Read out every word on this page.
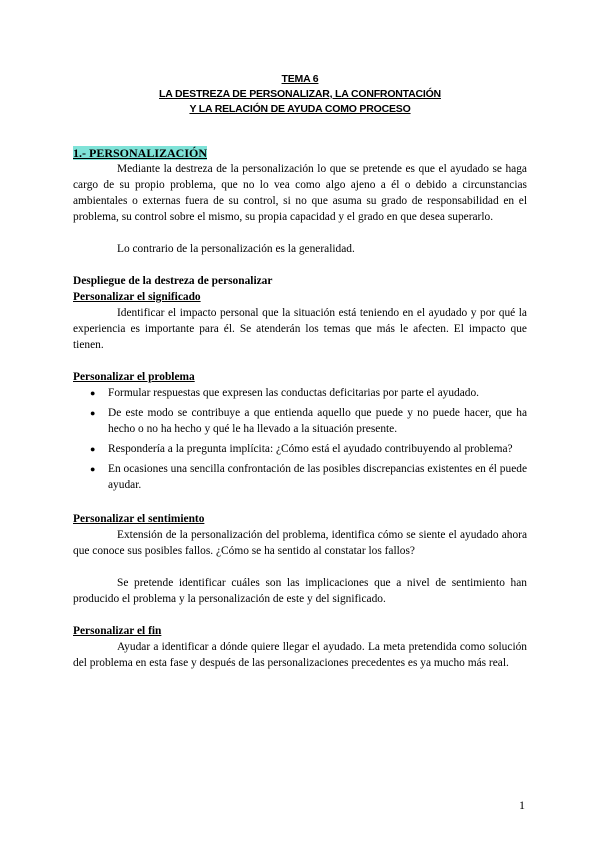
TEMA 6
LA DESTREZA DE PERSONALIZAR, LA CONFRONTACIÓN
Y LA RELACIÓN DE AYUDA COMO PROCESO
1.- PERSONALIZACIÓN

Mediante la destreza de la personalización lo que se pretende es que el ayudado se haga cargo de su propio problema, que no lo vea como algo ajeno a él o debido a circunstancias ambientales o externas fuera de su control, si no que asuma su grado de responsabilidad en el problema, su control sobre el mismo, su propia capacidad y el grado en que desea superarlo.

Lo contrario de la personalización es la generalidad.

Despliegue de la destreza de personalizar
Personalizar el significado

Identificar el impacto personal que la situación está teniendo en el ayudado y por qué la experiencia es importante para él. Se atenderán los temas que más le afecten. El impacto que tienen.

Personalizar el problema
● Formular respuestas que expresen las conductas deficitarias por parte el ayudado.
● De este modo se contribuye a que entienda aquello que puede y no puede hacer, que ha hecho o no ha hecho y qué le ha llevado a la situación presente.
● Respondería a la pregunta implícita: ¿Cómo está el ayudado contribuyendo al problema?
● En ocasiones una sencilla confrontación de las posibles discrepancias existentes en él puede ayudar.
Personalizar el sentimiento

Extensión de la personalización del problema, identifica cómo se siente el ayudado ahora que conoce sus posibles fallos. ¿Cómo se ha sentido al constatar los fallos?

Se pretende identificar cuáles son las implicaciones que a nivel de sentimiento han producido el problema y la personalización de este y del significado.

Personalizar el fin

Ayudar a identificar a dónde quiere llegar el ayudado. La meta pretendida como solución del problema en esta fase y después de las personalizaciones precedentes es ya mucho más real.

1
